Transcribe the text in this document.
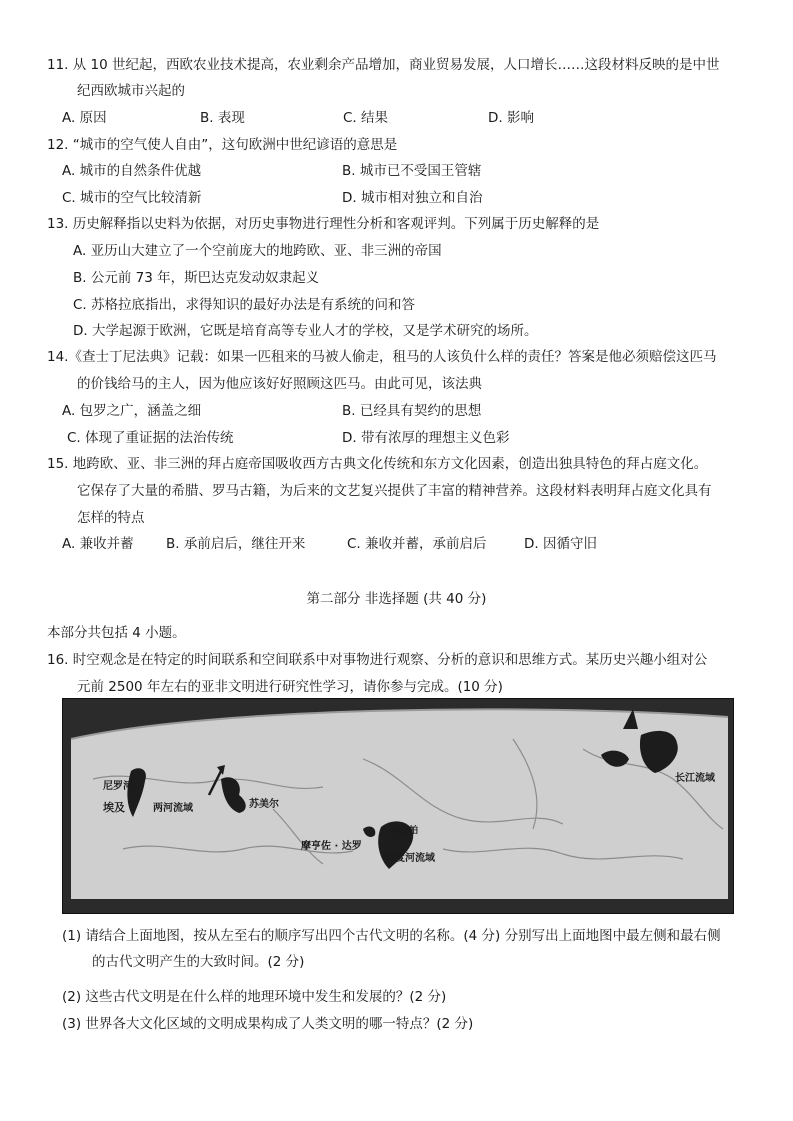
11. 从 10 世纪起，西欧农业技术提高，农业剩余产品增加，商业贸易发展，人口增长……这段材料反映的是中世
纪西欧城市兴起的
A. 原因	B. 表现	C. 结果	D. 影响
12. “城市的空气使人自由”，这句欧洲中世纪谚语的意思是
A. 城市的自然条件优越	B. 城市已不受国王管辖
C. 城市的空气比较清新	D. 城市相对独立和自治
13. 历史解释指以史料为依据，对历史事物进行理性分析和客观评判。下列属于历史解释的是
A. 亚历山大建立了一个空前庞大的地跨欧、亚、非三洲的帝国
B. 公元前 73 年，斯巴达克发动奴隶起义
C. 苏格拉底指出，求得知识的最好办法是有系统的问和答
D. 大学起源于欧洲，它既是培育高等专业人才的学校，又是学术研究的场所。
14.《查士丁尼法典》记载：如果一匹租来的马被人偷走，租马的人该负什么样的责任？答案是他必须赔偿这匹马
的价钱给马的主人，因为他应该好好照顾这匹马。由此可见，该法典
A. 包罗之广，涵盖之细	B. 已经具有契约的思想
C. 体现了重证据的法治传统	D. 带有浓厚的理想主义色彩
15. 地跨欧、亚、非三洲的拜占庭帝国吸收西方古典文化传统和东方文化因素，创造出独具特色的拜占庭文化。
它保存了大量的希腊、罗马古籍，为后来的文艺复兴提供了丰富的精神营养。这段材料表明拜占庭文化具有
怎样的特点
A. 兼收并蓄 B. 承前启后，继往开来	C. 兼收并蓄，承前启后	D. 因循守旧
第二部分 非选择题 (共 40 分)
本部分共包括 4 小题。
16. 时空观念是在特定的时间联系和空间联系中对事物进行观察、分析的意识和思维方式。某历史兴趣小组对公
元前 2500 年左右的亚非文明进行研究性学习，请你参与完成。(10 分)
尼罗河
埃及	两河流域	苏美尔
摩亨佐 · 达罗
哈拉帕
印度河流域
长江流域
(1) 请结合上面地图，按从左至右的顺序写出四个古代文明的名称。(4 分) 分别写出上面地图中最左侧和最右侧
的古代文明产生的大致时间。(2 分)
(2) 这些古代文明是在什么样的地理环境中发生和发展的？(2 分)
(3) 世界各大文化区域的文明成果构成了人类文明的哪一特点？(2 分)
